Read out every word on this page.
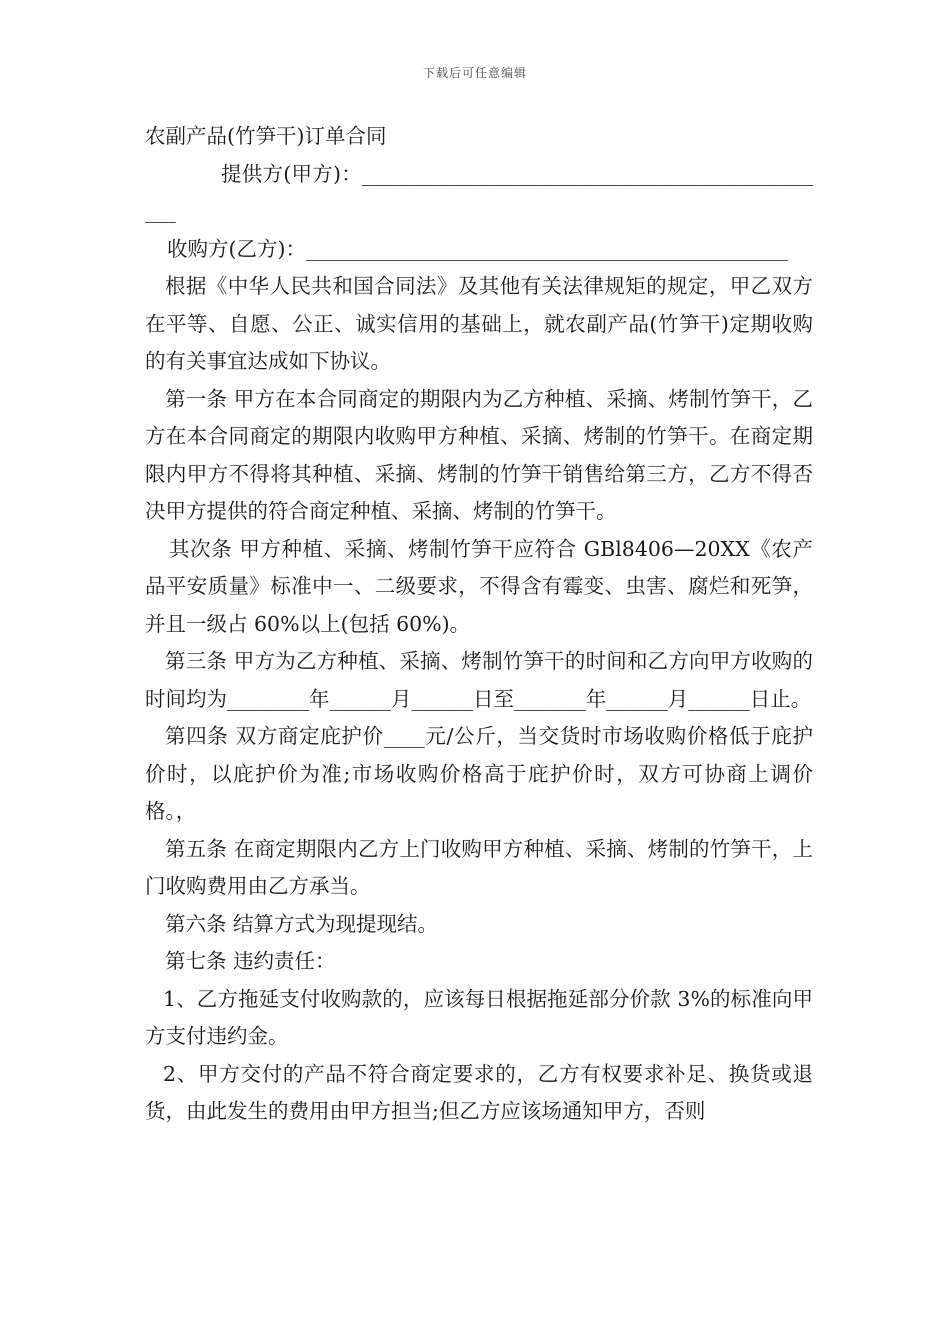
下载后可任意编辑

农副产品(竹笋干)订单合同

提供方(甲方)：_______________________________________________

收购方(乙方)：_______________________________________________

根据《中华人民共和国合同法》及其他有关法律规矩的规定，甲乙双方在平等、自愿、公正、诚实信用的基础上，就农副产品(竹笋干)定期收购的有关事宜达成如下协议。

第一条 甲方在本合同商定的期限内为乙方种植、采摘、烤制竹笋干，乙方在本合同商定的期限内收购甲方种植、采摘、烤制的竹笋干。在商定期限内甲方不得将其种植、采摘、烤制的竹笋干销售给第三方，乙方不得否决甲方提供的符合商定种植、采摘、烤制的竹笋干。

其次条 甲方种植、采摘、烤制竹笋干应符合 GBl8406—20XX《农产品平安质量》标准中一、二级要求，不得含有霉变、虫害、腐烂和死笋，并且一级占 60%以上(包括 60%)。

第三条 甲方为乙方种植、采摘、烤制竹笋干的时间和乙方向甲方收购的时间均为________年______月______日至_______年______月______日止。

第四条 双方商定庇护价____元/公斤，当交货时市场收购价格低于庇护价时，以庇护价为准;市场收购价格高于庇护价时，双方可协商上调价格。，

第五条 在商定期限内乙方上门收购甲方种植、采摘、烤制的竹笋干，上门收购费用由乙方承当。

第六条 结算方式为现提现结。

第七条 违约责任：

1、乙方拖延支付收购款的，应该每日根据拖延部分价款 3%的标准向甲方支付违约金。

2、甲方交付的产品不符合商定要求的，乙方有权要求补足、换货或退货，由此发生的费用由甲方担当;但乙方应该场通知甲方，否则
